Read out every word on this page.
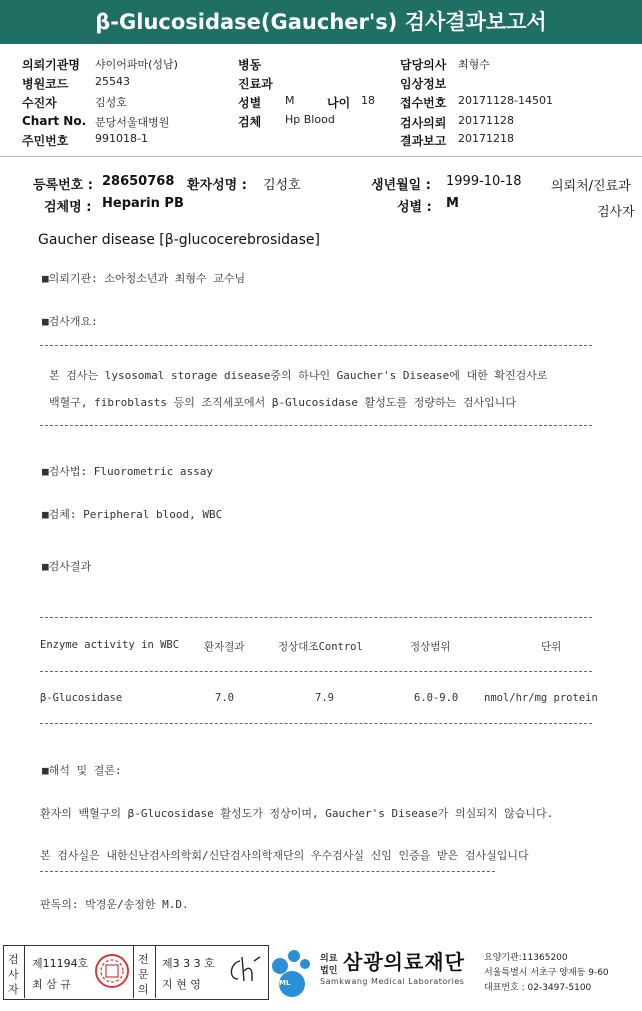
β-Glucosidase(Gaucher's) 검사결과보고서
의뢰기관명 샤이어파마(성남)
병원코드 25543
수진자	김성호
Chart No. 분당서울대병원
주민번호 991018-1
병동
진료과
성별 M	나이 18
검체 Hp Blood
담당의사 최형수
임상정보
접수번호 20171128-14501
검사의뢰 20171128
결과보고 20171218
등록번호 : 28650768 환자성명 : 김성호	생년월일 : 1999-10-18 의뢰처/진료과
검체명 : Heparin PB	성별 : M
검사자
Gaucher disease [β-glucocerebrosidase]
■의뢰기관: 소아청소년과 최형수 교수님
■검사개요:
본 검사는 lysosomal storage disease중의 하나인 Gaucher's Disease에 대한 확진검사로
백혈구, fibroblasts 등의 조직세포에서 β-Glucosidase 활성도를 정량하는 검사입니다
■검사법: Fluorometric assay
■검체: Peripheral blood, WBC
■검사결과
Enzyme activity in WBC 환자결과	정상대조Control	정상범위	단위
β-Glucosidase	7.0	7.9	6.0-9.0 nmol/hr/mg protein
■해석 및 결론:
환자의 백혈구의 β-Glucosidase 활성도가 정상이며, Gaucher's Disease가 의심되지 않습니다.
본 검사실은 내한신난검사의학회/신단검사의학재단의 우수검사실 신임 인증을 받은 검사실입니다
판독의: 박경운/송정한 M.D.
검
사
자
제11194호
최 삼 규
전
문
의
제3 3 3 호
지 현 영	SML
의료
법인 삼광의료재단
Samkwang Medical Laboratories
요양기관:11365200
서울특별시 서초구 양재동 9-60
대표번호 : 02-3497-5100
